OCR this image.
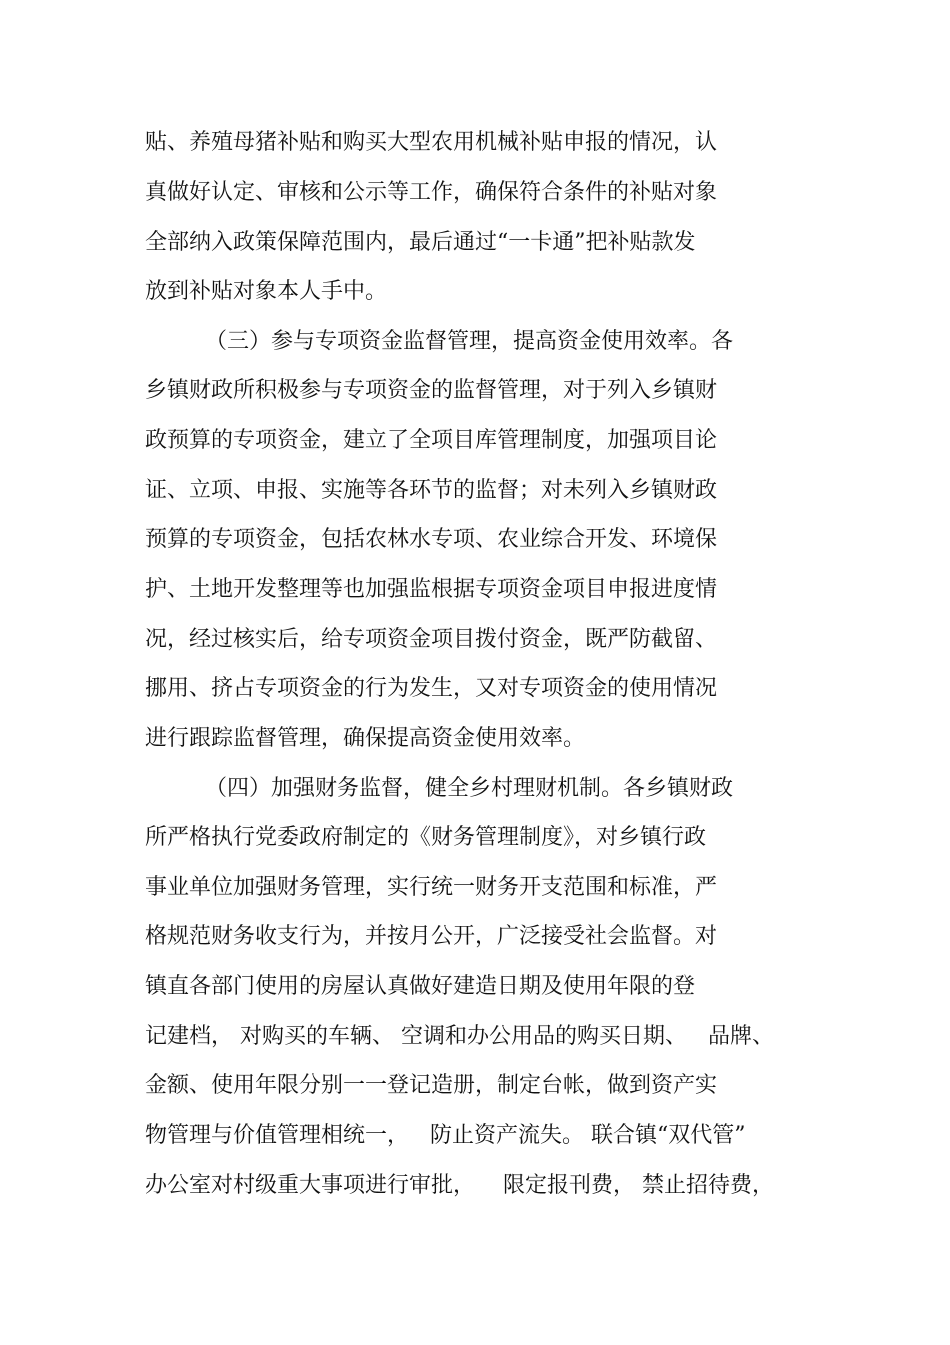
贴、养殖母猪补贴和购买大型农用机械补贴申报的情况，认
真做好认定、审核和公示等工作，确保符合条件的补贴对象
全部纳入政策保障范围内，最后通过“一卡通”把补贴款发
放到补贴对象本人手中。
（三）参与专项资金监督管理，提高资金使用效率。各
乡镇财政所积极参与专项资金的监督管理，对于列入乡镇财
政预算的专项资金，建立了全项目库管理制度，加强项目论
证、立项、申报、实施等各环节的监督；对未列入乡镇财政
预算的专项资金，包括农林水专项、农业综合开发、环境保
护、土地开发整理等也加强监根据专项资金项目申报进度情
况，经过核实后，给专项资金项目拨付资金，既严防截留、
挪用、挤占专项资金的行为发生，又对专项资金的使用情况
进行跟踪监督管理，确保提高资金使用效率。
（四）加强财务监督，健全乡村理财机制。各乡镇财政
所严格执行党委政府制定的《财务管理制度》，对乡镇行政
事业单位加强财务管理，实行统一财务开支范围和标准，严
格规范财务收支行为，并按月公开，广泛接受社会监督。对
镇直各部门使用的房屋认真做好建造日期及使用年限的登
记建档， 对购买的车辆、 空调和办公用品的购买日期、   品牌、
金额、使用年限分别一一登记造册，制定台帐，做到资产实
物管理与价值管理相统一，   防止资产流失。 联合镇“双代管”
办公室对村级重大事项进行审批，    限定报刊费， 禁止招待费，
